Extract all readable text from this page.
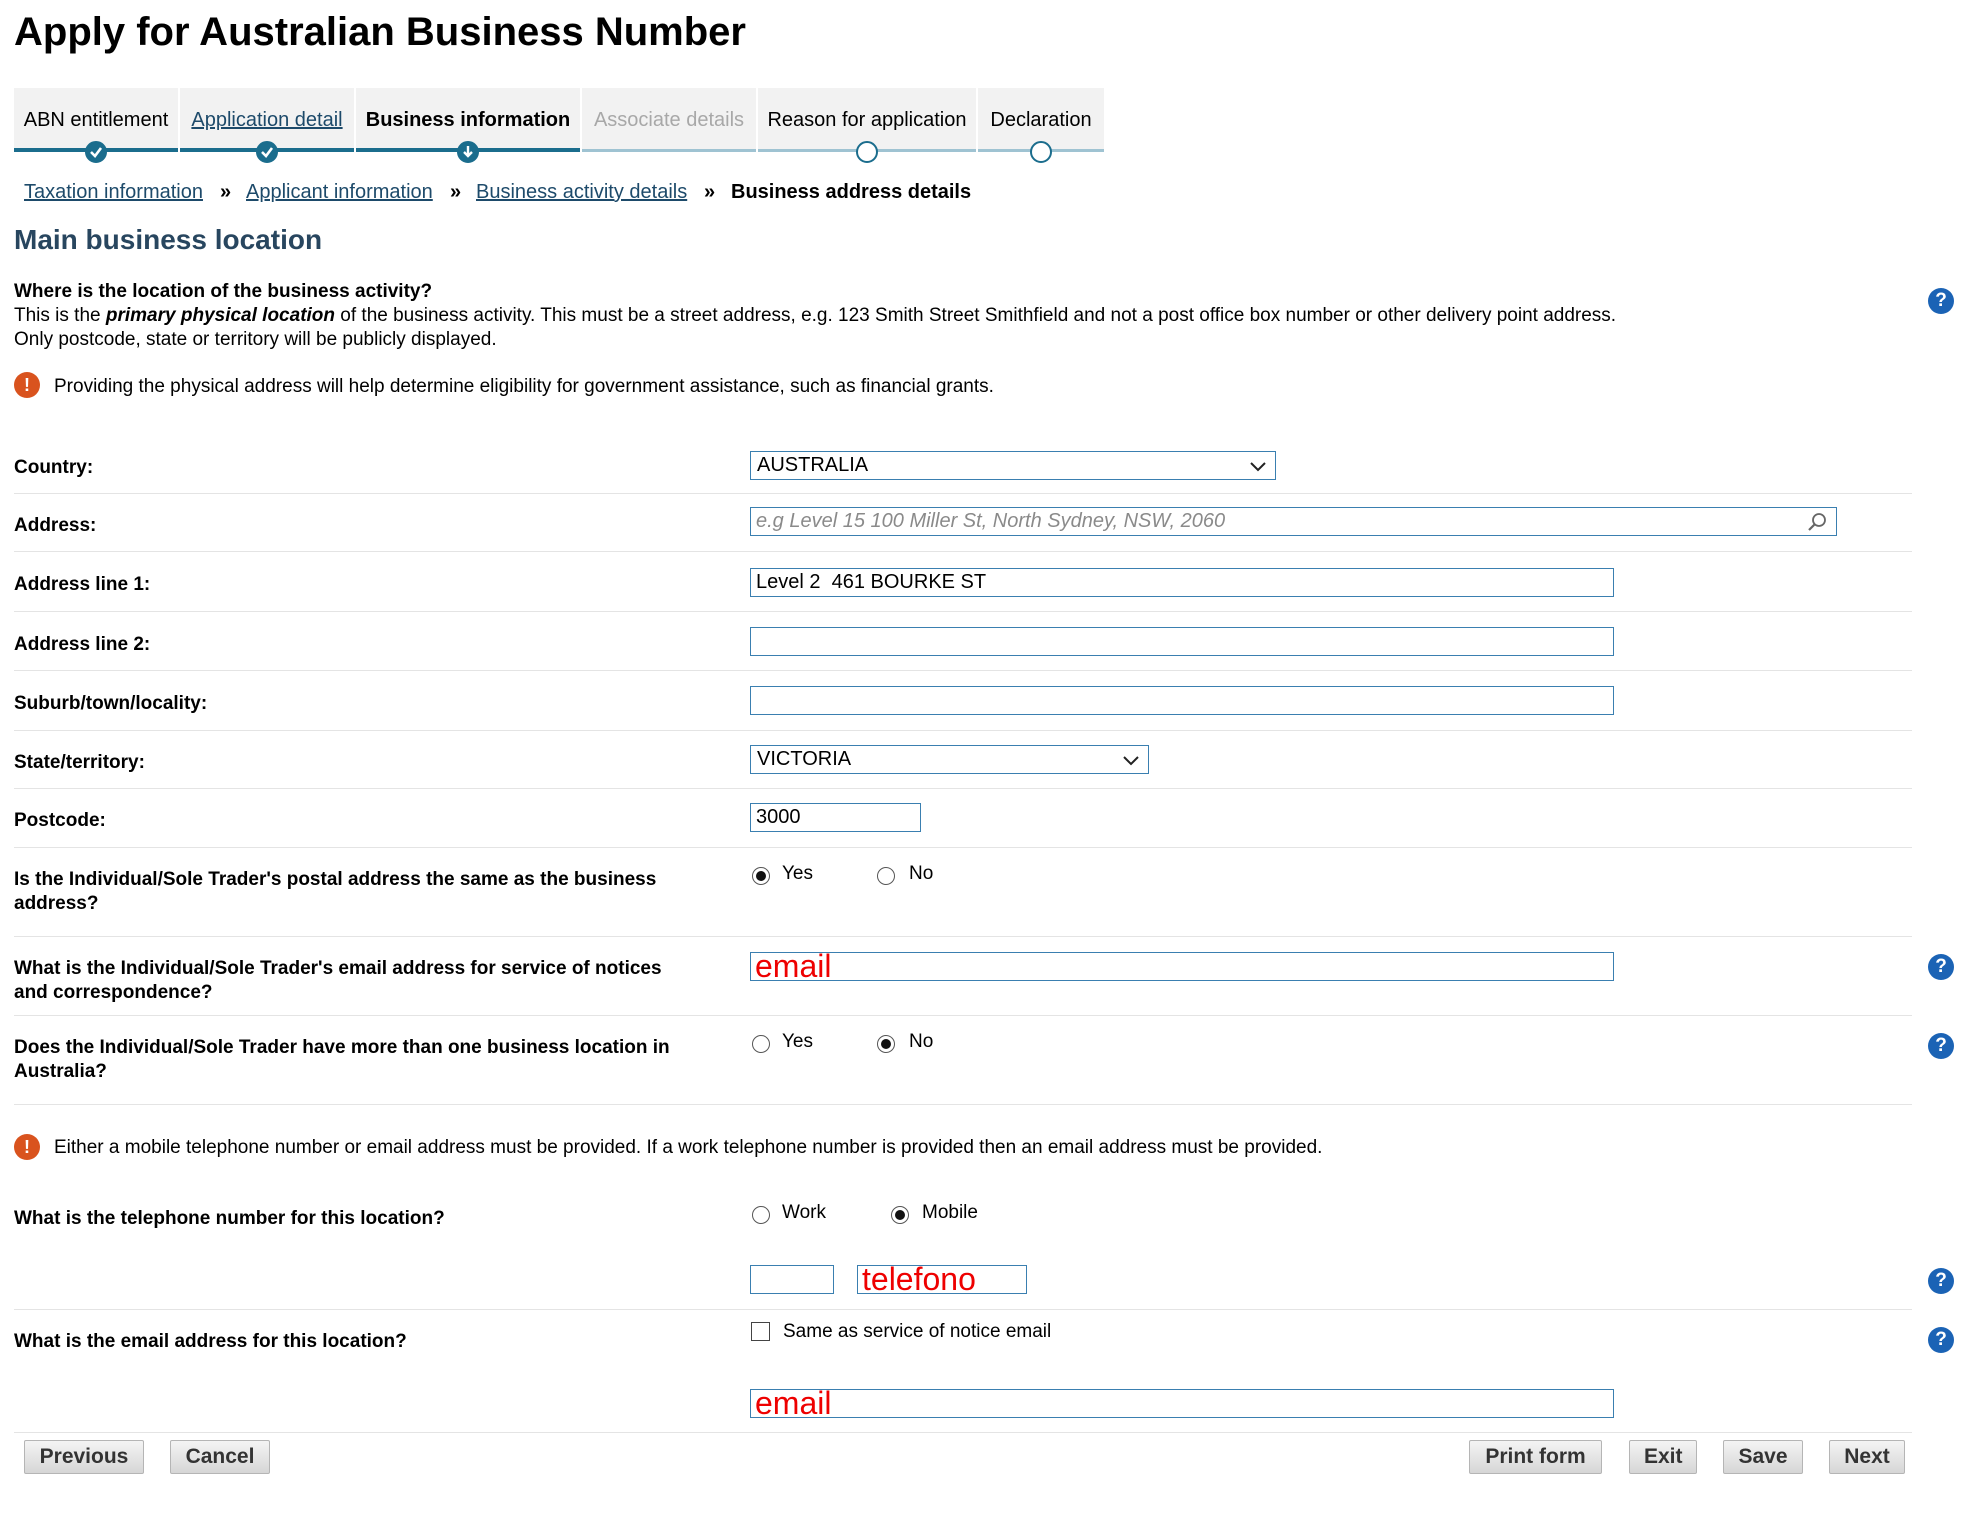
Apply for Australian Business Number
ABN entitlement	Application detail	Business information	Associate details	Reason for application	Declaration
Taxation information » Applicant information » Business activity details » Business address details
Main business location
Where is the location of the business activity?
This is the primary physical location of the business activity. This must be a street address, e.g. 123 Smith Street Smithfield and not a post office box number or other delivery point address.
Only postcode, state or territory will be publicly displayed.
?
!	Providing the physical address will help determine eligibility for government assistance, such as financial grants.
Country:	AUSTRALIA
Address:
e.g Level 15 100 Miller St, North Sydney, NSW, 2060
Address line 1:
Level 2 461 BOURKE ST
Address line 2:
Suburb/town/locality:
State/territory:	VICTORIA
Postcode:
3000
Is the Individual/Sole Trader's postal address the same as the business
address?
Yes	No
What is the Individual/Sole Trader's email address for service of notices
and correspondence?
email
?
Does the Individual/Sole Trader have more than one business location in
Australia?
Yes	No	?
!	Either a mobile telephone number or email address must be provided. If a work telephone number is provided then an email address must be provided.
What is the telephone number for this location?	Work	Mobile
telefono
?
What is the email address for this location?	Same as service of notice email	?
email
Previous	Cancel	Print form	Exit	Save	Next
